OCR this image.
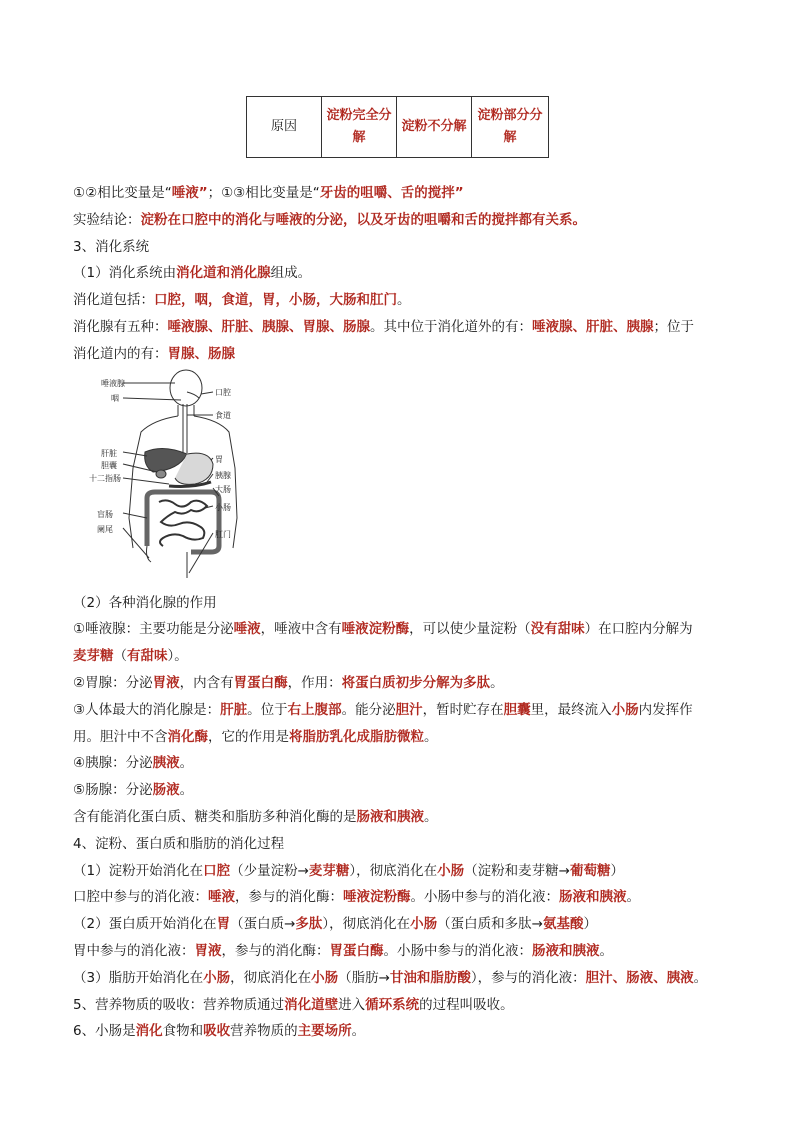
原因	淀粉完全分解	淀粉不分解	淀粉部分分解
①②相比变量是“唾液”；①③相比变量是“牙齿的咀嚼、舌的搅拌”
实验结论：淀粉在口腔中的消化与唾液的分泌，以及牙齿的咀嚼和舌的搅拌都有关系。
3、消化系统
（1）消化系统由消化道和消化腺组成。
消化道包括：口腔，咽，食道，胃，小肠，大肠和肛门。
消化腺有五种：唾液腺、肝脏、胰腺、胃腺、肠腺。其中位于消化道外的有：唾液腺、肝脏、胰腺；位于
消化道内的有：胃腺、肠腺
唾液腺
咽
口腔
食道
肝脏
胆囊
十二指肠
胃
胰腺
大肠
小肠
盲肠
阑尾
肛门
（2）各种消化腺的作用
①唾液腺：主要功能是分泌唾液，唾液中含有唾液淀粉酶，可以使少量淀粉（没有甜味）在口腔内分解为
麦芽糖（有甜味）。
②胃腺：分泌胃液，内含有胃蛋白酶，作用：将蛋白质初步分解为多肽。
③人体最大的消化腺是：肝脏。位于右上腹部。能分泌胆汁，暂时贮存在胆囊里，最终流入小肠内发挥作
用。胆汁中不含消化酶，它的作用是将脂肪乳化成脂肪微粒。
④胰腺：分泌胰液。
⑤肠腺：分泌肠液。
含有能消化蛋白质、糖类和脂肪多种消化酶的是肠液和胰液。
4、淀粉、蛋白质和脂肪的消化过程
（1）淀粉开始消化在口腔（少量淀粉→麦芽糖），彻底消化在小肠（淀粉和麦芽糖→葡萄糖）
口腔中参与的消化液：唾液，参与的消化酶：唾液淀粉酶。小肠中参与的消化液：肠液和胰液。
（2）蛋白质开始消化在胃（蛋白质→多肽），彻底消化在小肠（蛋白质和多肽→氨基酸）
胃中参与的消化液：胃液，参与的消化酶：胃蛋白酶。小肠中参与的消化液：肠液和胰液。
（3）脂肪开始消化在小肠，彻底消化在小肠（脂肪→甘油和脂肪酸），参与的消化液：胆汁、肠液、胰液。
5、营养物质的吸收：营养物质通过消化道壁进入循环系统的过程叫吸收。
6、小肠是消化食物和吸收营养物质的主要场所。
